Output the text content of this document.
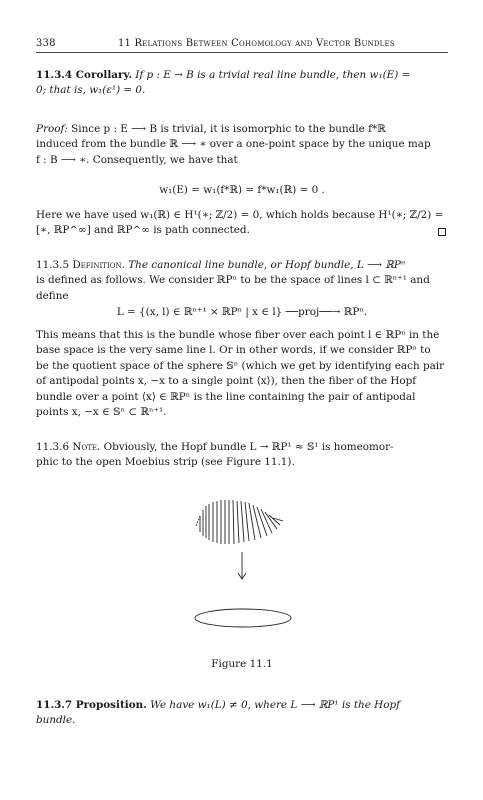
338	11 Relations Between Cohomology and Vector Bundles

11.3.4 Corollary. If p : E → B is a trivial real line bundle, then w₁(E) =
0; that is, w₁(ε¹) = 0.

Proof: Since p : E ⟶ B is trivial, it is isomorphic to the bundle f*ℝ
induced from the bundle ℝ ⟶ ∗ over a one-point space by the unique map
f : B ⟶ ∗. Consequently, we have that

w₁(E) = w₁(f*ℝ) = f*w₁(ℝ) = 0 .

Here we have used w₁(ℝ) ∈ H¹(∗; ℤ/2) = 0, which holds because H¹(∗; ℤ/2) =
[∗, ℝP^∞] and ℝP^∞ is path connected.

11.3.5 Definition. The canonical line bundle, or Hopf bundle, L ⟶ ℝPⁿ
is defined as follows. We consider ℝPⁿ to be the space of lines l ⊂ ℝⁿ⁺¹ and
define

L = {(x, l) ∈ ℝⁿ⁺¹ × ℝPⁿ | x ∈ l} ──proj──→ ℝPⁿ.

This means that this is the bundle whose fiber over each point l ∈ ℝPⁿ in the
base space is the very same line l. Or in other words, if we consider ℝPⁿ to
be the quotient space of the sphere 𝕊ⁿ (which we get by identifying each pair
of antipodal points x, −x to a single point ⟨x⟩), then the fiber of the Hopf
bundle over a point ⟨x⟩ ∈ ℝPⁿ is the line containing the pair of antipodal
points x, −x ∈ 𝕊ⁿ ⊂ ℝⁿ⁺¹.

11.3.6 Note. Obviously, the Hopf bundle L → ℝP¹ ≈ 𝕊¹ is homeomor-
phic to the open Moebius strip (see Figure 11.1).

Figure 11.1

11.3.7 Proposition. We have w₁(L) ≠ 0, where L ⟶ ℝP¹ is the Hopf
bundle.
